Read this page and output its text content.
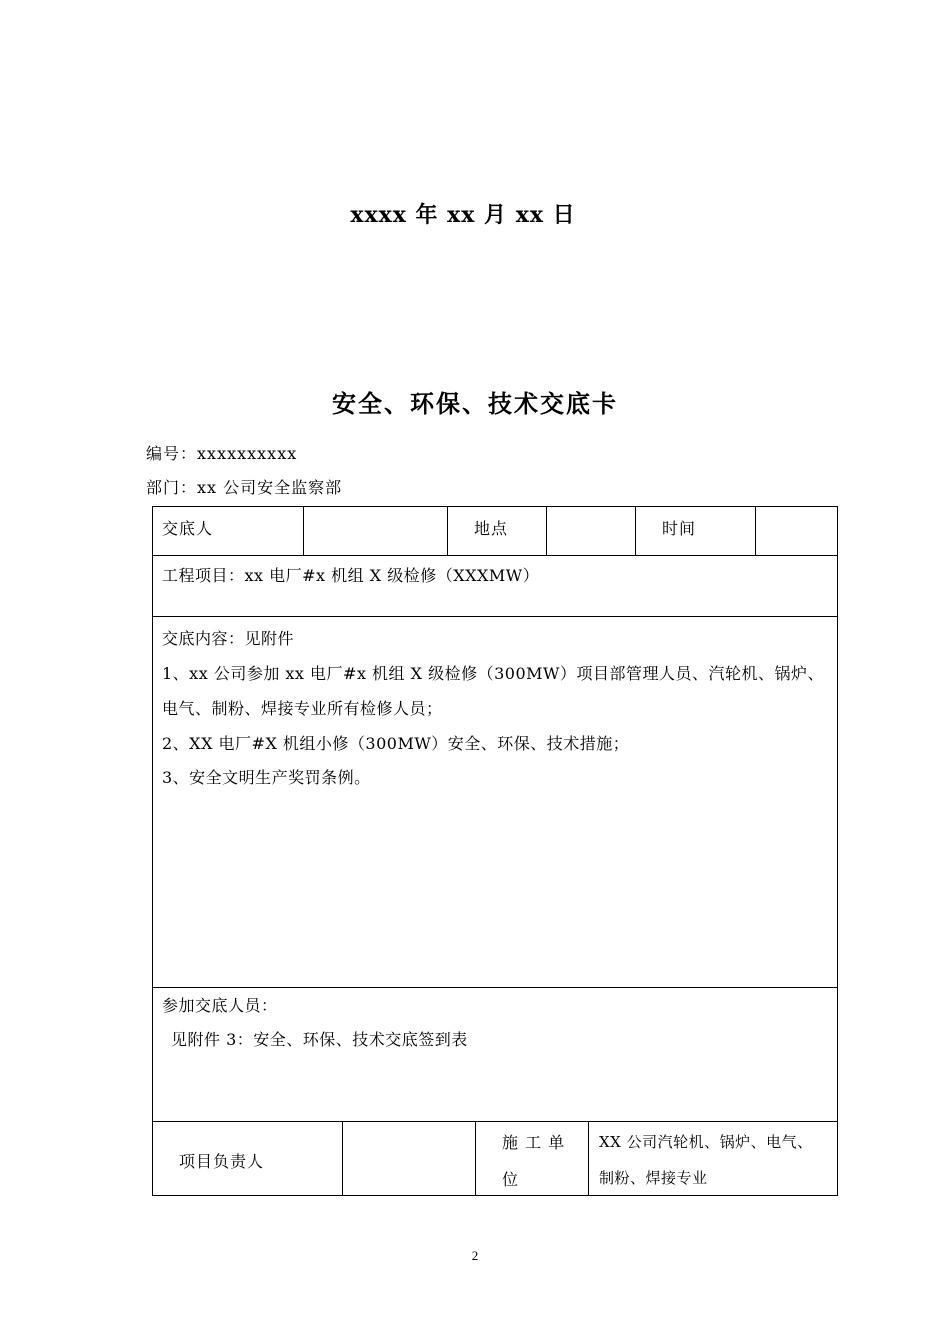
xxxx 年 xx 月 xx 日
安全、环保、技术交底卡
编号：xxxxxxxxxx
部门：xx 公司安全监察部
交底人	地点	时间
工程项目：xx 电厂#x 机组 X 级检修（XXXMW）
交底内容：见附件
1、xx 公司参加 xx 电厂#x 机组 X 级检修（300MW）项目部管理人员、汽轮机、锅炉、
电气、制粉、焊接专业所有检修人员；
2、XX 电厂#X 机组小修（300MW）安全、环保、技术措施；
3、安全文明生产奖罚条例。
参加交底人员：
见附件 3：安全、环保、技术交底签到表
项目负责人
施 工 单
位
XX 公司汽轮机、锅炉、电气、
制粉、焊接专业
2
